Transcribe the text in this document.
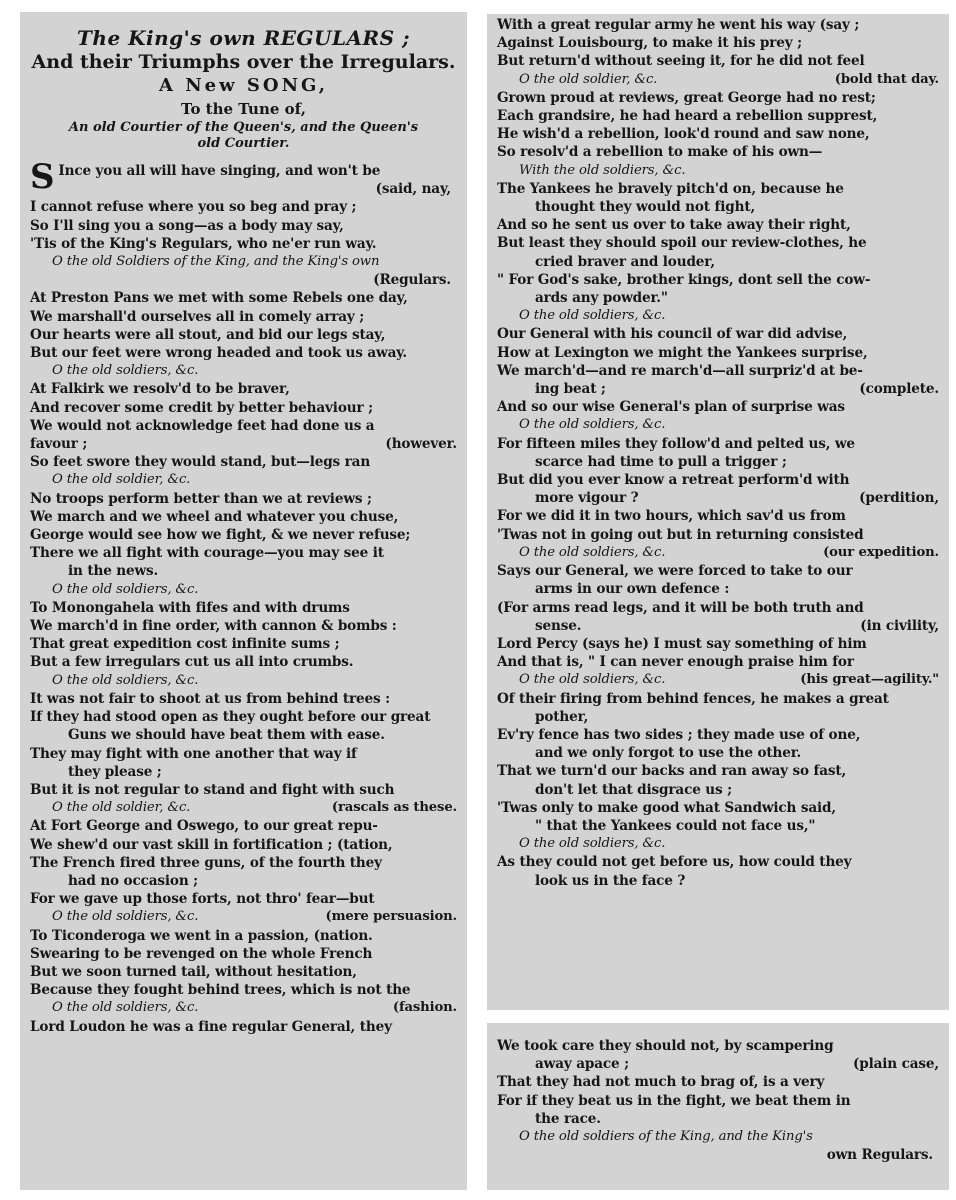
The King's own REGULARS ;
And their Triumphs over the Irregulars.
A New SONG,
To the Tune of,
An old Courtier of the Queen's, and the Queen's
old Courtier.
S Ince you all will have singing, and won't be
(said, nay,
I cannot refuse where you so beg and pray ;
So I'll sing you a song—as a body may say,
'Tis of the King's Regulars, who ne'er run way.
O the old Soldiers of the King, and the King's own
(Regulars.
At Preston Pans we met with some Rebels one day,
We marshall'd ourselves all in comely array ;
Our hearts were all stout, and bid our legs stay,
But our feet were wrong headed and took us away.
O the old soldiers, &c.
At Falkirk we resolv'd to be braver,
And recover some credit by better behaviour ;
We would not acknowledge feet had done us a
favour ;	(however.
So feet swore they would stand, but—legs ran
O the old soldier, &c.
No troops perform better than we at reviews ;
We march and we wheel and whatever you chuse,
George would see how we fight, & we never refuse;
There we all fight with courage—you may see it
in the news.
O the old soldiers, &c.
To Monongahela with fifes and with drums
We march'd in fine order, with cannon & bombs :
That great expedition cost infinite sums ;
But a few irregulars cut us all into crumbs.
O the old soldiers, &c.
It was not fair to shoot at us from behind trees :
If they had stood open as they ought before our great
Guns we should have beat them with ease.
They may fight with one another that way if
they please ;
But it is not regular to stand and fight with such
O the old soldier, &c.	(rascals as these.
At Fort George and Oswego, to our great repu-
We shew'd our vast skill in fortification ; (tation,
The French fired three guns, of the fourth they
had no occasion ;
For we gave up those forts, not thro' fear—but
O the old soldiers, &c.	(mere persuasion.
To Ticonderoga we went in a passion, (nation.
Swearing to be revenged on the whole French
But we soon turned tail, without hesitation,
Because they fought behind trees, which is not the
O the old soldiers, &c.	(fashion.
Lord Loudon he was a fine regular General, they
With a great regular army he went his way (say ;
Against Louisbourg, to make it his prey ;
But return'd without seeing it, for he did not feel
O the old soldier, &c.	(bold that day.
Grown proud at reviews, great George had no rest;
Each grandsire, he had heard a rebellion supprest,
He wish'd a rebellion, look'd round and saw none,
So resolv'd a rebellion to make of his own—
With the old soldiers, &c.
The Yankees he bravely pitch'd on, because he
thought they would not fight,
And so he sent us over to take away their right,
But least they should spoil our review-clothes, he
cried braver and louder,
" For God's sake, brother kings, dont sell the cow-
ards any powder."
O the old soldiers, &c.
Our General with his council of war did advise,
How at Lexington we might the Yankees surprise,
We march'd—and re march'd—all surpriz'd at be-
ing beat ;	(complete.
And so our wise General's plan of surprise was
O the old soldiers, &c.
For fifteen miles they follow'd and pelted us, we
scarce had time to pull a trigger ;
But did you ever know a retreat perform'd with
more vigour ?	(perdition,
For we did it in two hours, which sav'd us from
'Twas not in going out but in returning consisted
O the old soldiers, &c.	(our expedition.
Says our General, we were forced to take to our
arms in our own defence :
(For arms read legs, and it will be both truth and
sense.	(in civility,
Lord Percy (says he) I must say something of him
And that is, " I can never enough praise him for
O the old soldiers, &c.	(his great—agility."
Of their firing from behind fences, he makes a great
pother,
Ev'ry fence has two sides ; they made use of one,
and we only forgot to use the other.
That we turn'd our backs and ran away so fast,
don't let that disgrace us ;
'Twas only to make good what Sandwich said,
" that the Yankees could not face us,"
O the old soldiers, &c.
As they could not get before us, how could they
look us in the face ?
We took care they should not, by scampering
away apace ;	(plain case,
That they had not much to brag of, is a very
For if they beat us in the fight, we beat them in
the race.
O the old soldiers of the King, and the King's
own Regulars.
